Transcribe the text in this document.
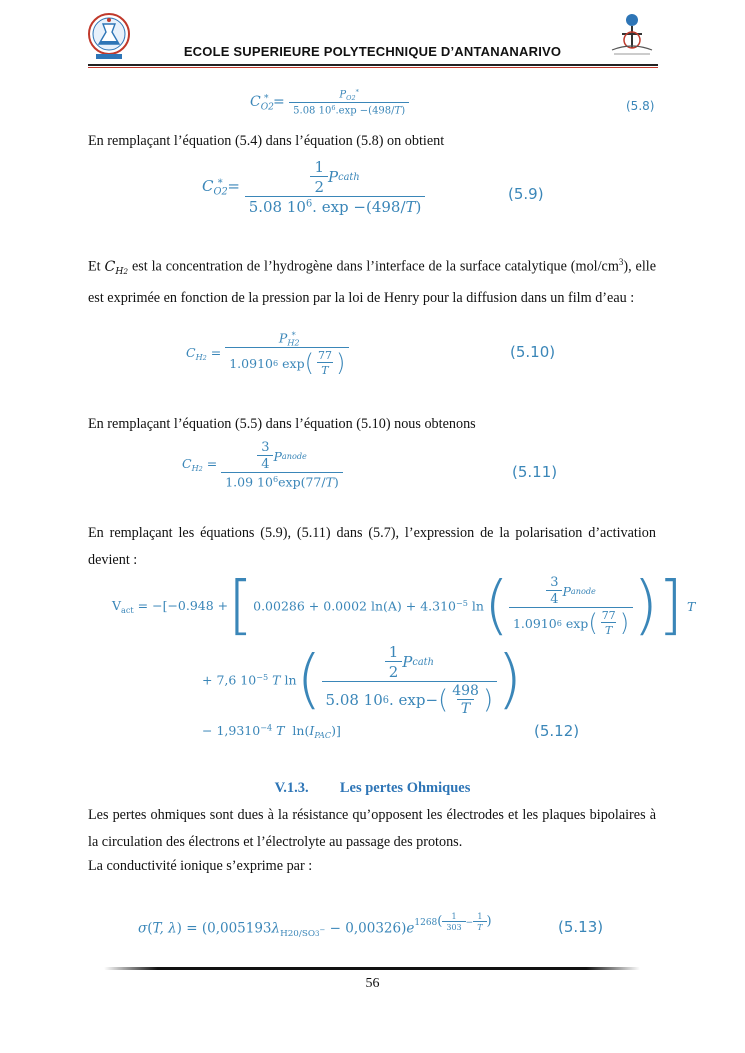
ECOLE SUPERIEURE POLYTECHNIQUE D’ANTANANARIVO
$C_{O2}^* = \frac{P_{O2}^*}{5.08 10^6.\exp -(498/T)}$	(5.8)
En remplaçant l’équation (5.4) dans l’équation (5.8) on obtient
$C_{O2}^* = \frac{\frac{1}{2} P cath}{5.08 10^6. \exp -(498/T)}$	(5.9)
Et $C_{H2}$ est la concentration de l’hydrogène dans l’interface de la surface catalytique $(mol/cm^3)$, elle est exprimée en fonction de la pression par la loi de Henry pour la diffusion dans un film d’eau :
$C_{H2} = \frac{P_{H2}^*}{1.0910 6 \exp ( \frac{77}{T} )}$	(5.10)
En remplaçant l’équation (5.5) dans l’équation (5.10) nous obtenons
$C_{H2} = \frac{\frac{3}{4} P anode}{1.09 10^6\exp(77/T)}$	(5.11)
En remplaçant les équations (5.9), (5.11) dans (5.7), l’expression de la polarisation d’activation devient :
$V_{act} = -[-0.948$ + [ 0.00286 + 0.0002 $\ln(A) + 4.310^{-5}$ ln ( $\frac{\frac{3}{4} P anode}{1.0910 6 \exp ( \frac{77}{T} )}$ ) ] T
+ 7,6 $10^{-5}$ T ln ( $\frac{\frac{1}{2} P cath}{5.08 10 6 . \exp- ( \frac{498}{T} )}$ )
− $1,9310^{-4}$ T  $\ln(I_{PAC})$]	(5.12)
V.1.3. Les pertes Ohmiques
Les pertes ohmiques sont dues à la résistance qu’opposent les électrodes et les plaques bipolaires à la circulation des électrons et l’électrolyte au passage des protons.
La conductivité ionique s’exprime par :
σ(T, $\lambda) = (0,005193\lambda_{H20/SO3^-} - 0,00326)e^{1268( \frac{1}{303} - \frac{1}{T} )}$	(5.13)
56
